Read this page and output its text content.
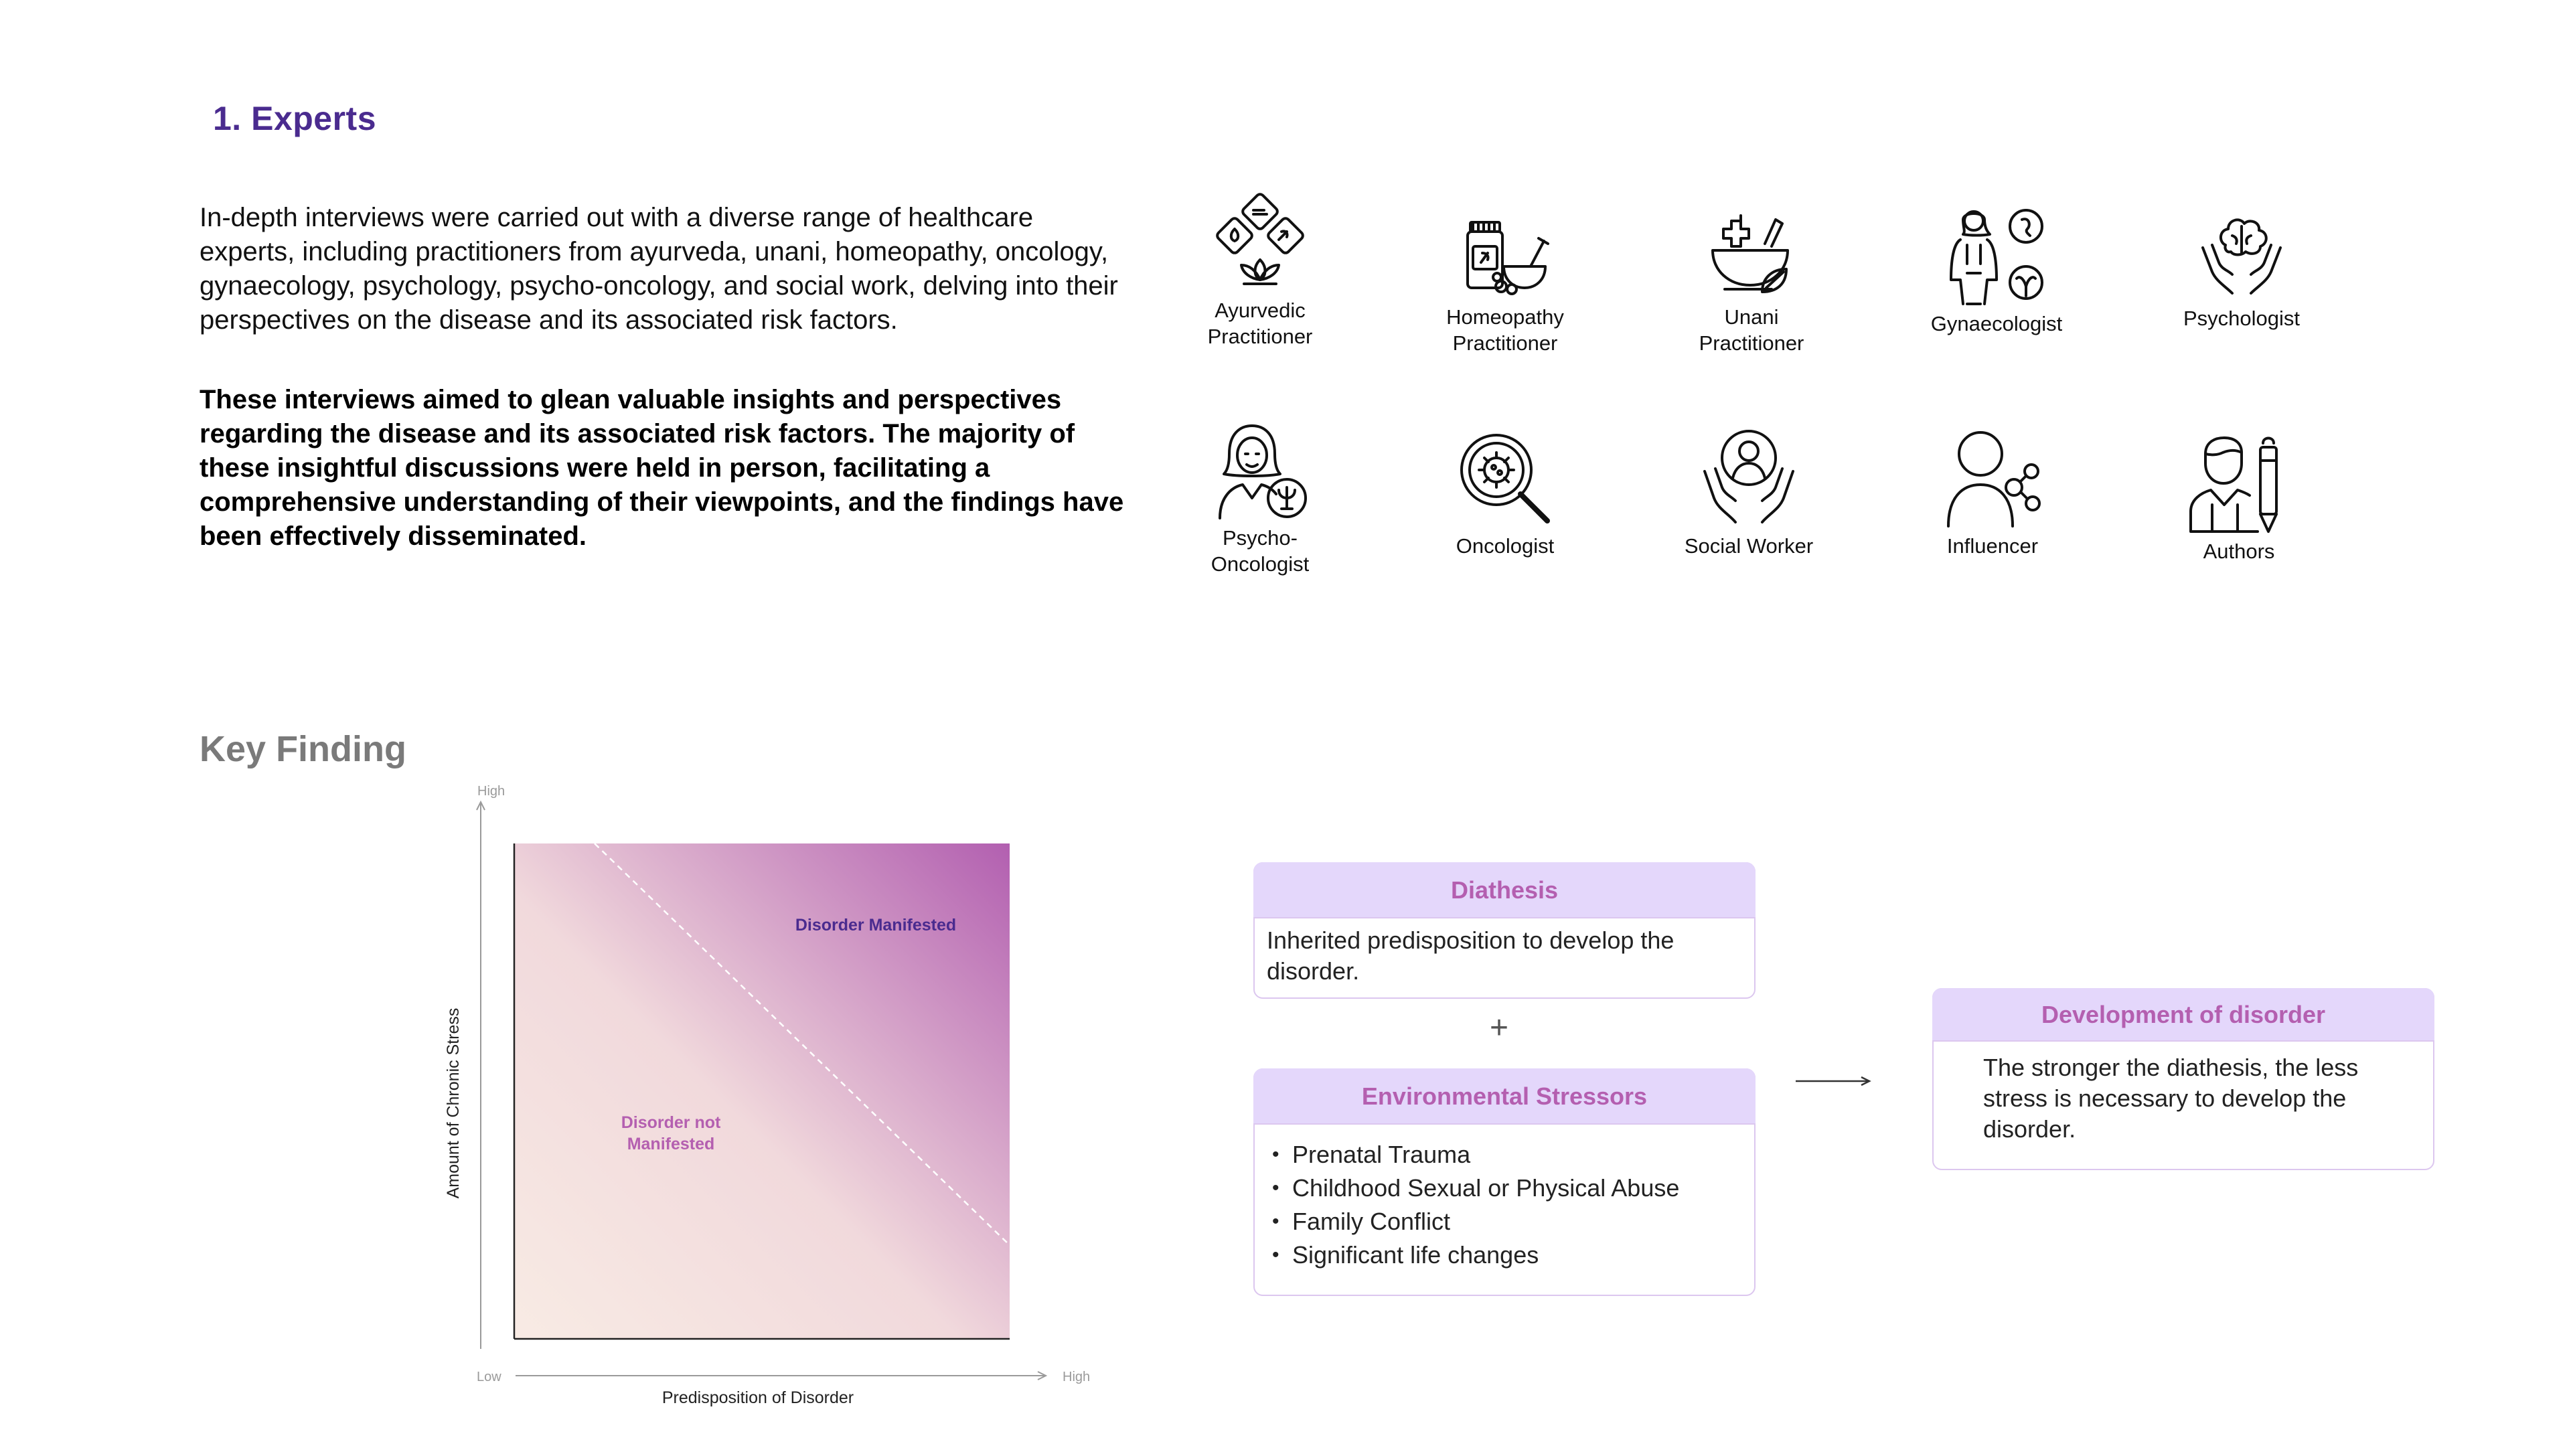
1. Experts

In-depth interviews were carried out with a diverse range of healthcare experts, including practitioners from ayurveda, unani, homeopathy, oncology, gynaecology, psychology, psycho-oncology, and social work, delving into their perspectives on the disease and its associated risk factors.

These interviews aimed to glean valuable insights and perspectives regarding the disease and its associated risk factors. The majority of these insightful discussions were held in person, facilitating a comprehensive understanding of their viewpoints, and the findings have been effectively disseminated.

Ayurvedic
Practitioner
Homeopathy
Practitioner
Unani
Practitioner
Gynaecologist	Psychologist
Psycho-
Oncologist
Oncologist	Social Worker	Influencer	Authors
Key Finding
High
Low	High
Predisposition of Disorder
Amount of Chronic Stress
Disorder Manifested
Disorder not Manifested
Diathesis
Inherited predisposition to develop the disorder.
+
Environmental Stressors
• Prenatal Trauma
• Childhood Sexual or Physical Abuse
• Family Conflict
• Significant life changes
Development of disorder
The stronger the diathesis, the less stress is necessary to develop the disorder.
